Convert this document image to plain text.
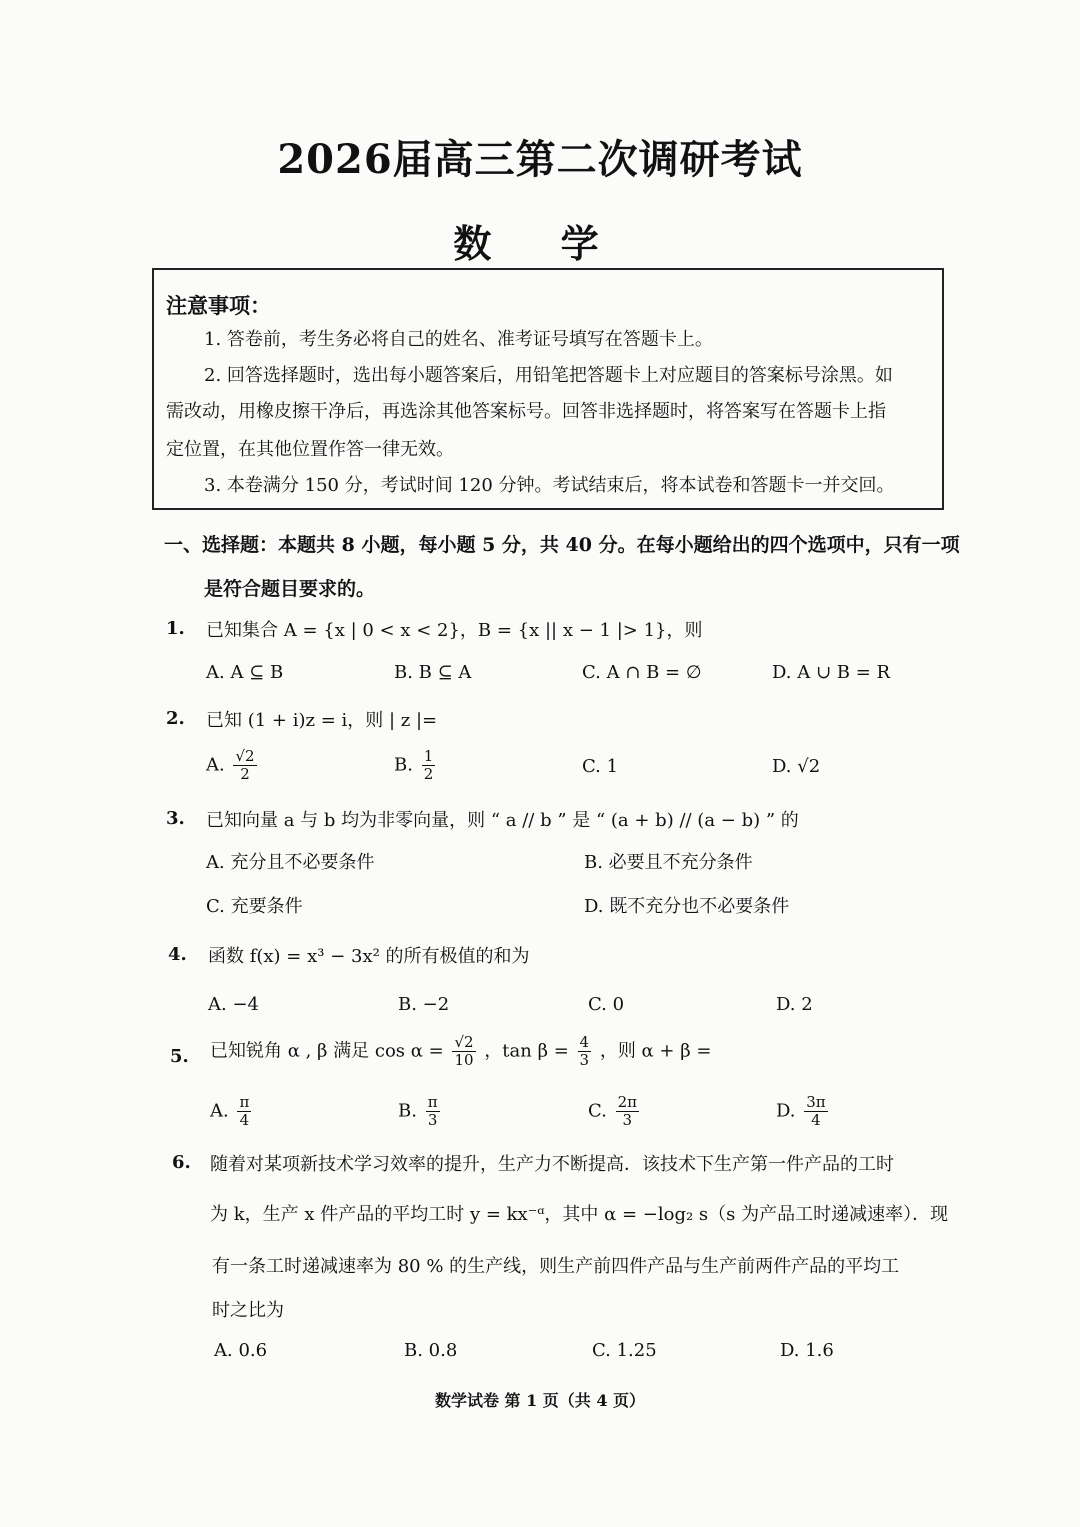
2026届高三第二次调研考试
数 学
注意事项：
1. 答卷前，考生务必将自己的姓名、准考证号填写在答题卡上。
2. 回答选择题时，选出每小题答案后，用铅笔把答题卡上对应题目的答案标号涂黑。如
需改动，用橡皮擦干净后，再选涂其他答案标号。回答非选择题时，将答案写在答题卡上指
定位置，在其他位置作答一律无效。
3. 本卷满分 150 分，考试时间 120 分钟。考试结束后，将本试卷和答题卡一并交回。
一、选择题：本题共 8 小题，每小题 5 分，共 40 分。在每小题给出的四个选项中，只有一项
是符合题目要求的。
1. 已知集合 A = {x | 0 < x < 2}，B = {x || x − 1 |> 1}，则
A. A ⊆ B	B. B ⊆ A	C. A ∩ B = ∅	D. A ∪ B = R
2. 已知 (1 + i)z = i，则 | z |=
A. $\frac{√2}{2}$	B. $\frac{1}{2}$	C. 1	D. √2
3. 已知向量 a 与 b 均为非零向量，则 “ a // b ” 是 “ (a + b) // (a − b) ” 的
A. 充分且不必要条件	B. 必要且不充分条件
C. 充要条件	D. 既不充分也不必要条件
4. 函数 f(x) = x³ − 3x² 的所有极值的和为
A. −4	B. −2	C. 0	D. 2
5. 已知锐角 α , β 满足 $\cos \alpha = \frac{√2}{10}$ ，$\tan \beta = \frac{4}{3}$ ，则 α + β =
A. $\frac{\pi}{4}$	B. $\frac{\pi}{3}$	C. $\frac{2\pi}{3}$	D. $\frac{3\pi}{4}$
6. 随着对某项新技术学习效率的提升，生产力不断提高．该技术下生产第一件产品的工时
为 k，生产 x 件产品的平均工时 y = kx⁻ᵅ，其中 α = −log₂ s（s 为产品工时递减速率）．现
有一条工时递减速率为 80 % 的生产线，则生产前四件产品与生产前两件产品的平均工
时之比为
A. 0.6	B. 0.8	C. 1.25	D. 1.6
数学试卷 第 1 页（共 4 页）
